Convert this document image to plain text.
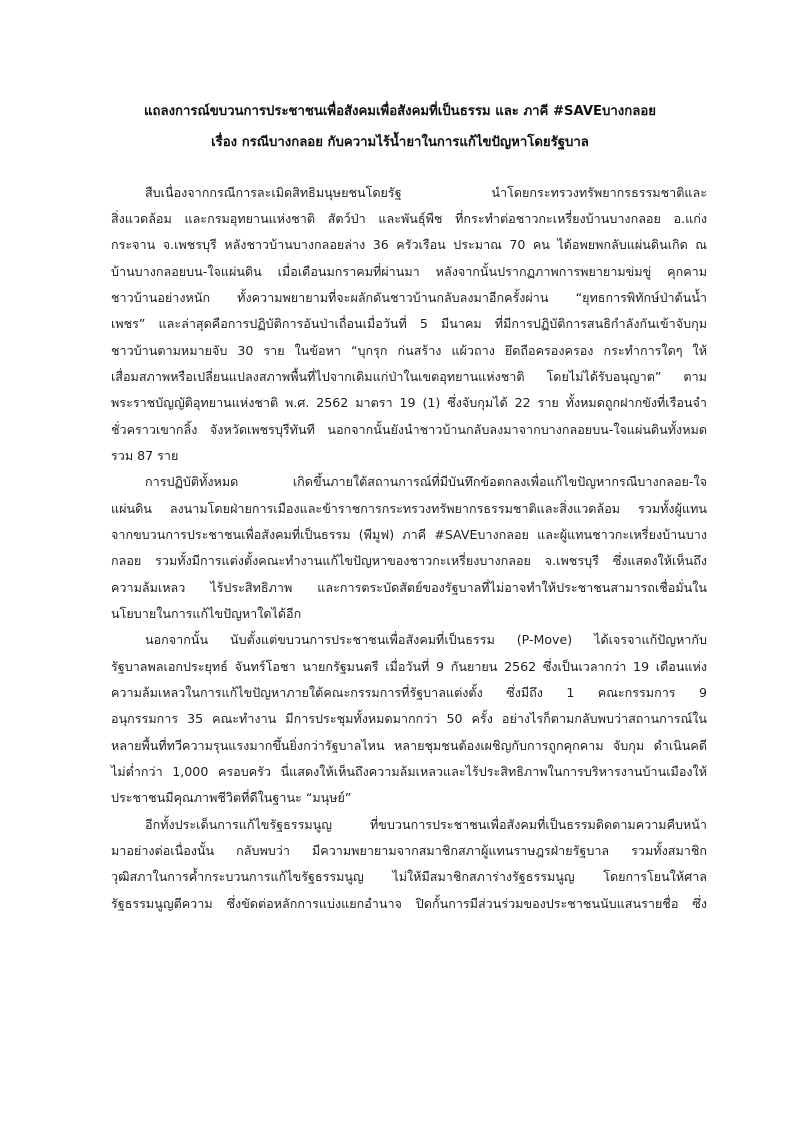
แถลงการณ์ขบวนการประชาชนเพื่อสังคมเพื่อสังคมที่เป็นธรรม และ ภาคี #SAVEบางกลอย
เรื่อง กรณีบางกลอย กับความไร้น้ำยาในการแก้ไขปัญหาโดยรัฐบาล
สืบเนื่องจากกรณีการละเมิดสิทธิมนุษยชนโดยรัฐ นำโดยกระทรวงทรัพยากรธรรมชาติและ
สิ่งแวดล้อม และกรมอุทยานแห่งชาติ สัตว์ป่า และพันธุ์พืช ที่กระทำต่อชาวกะเหรี่ยงบ้านบางกลอย อ.แก่ง
กระจาน จ.เพชรบุรี หลังชาวบ้านบางกลอยล่าง 36 ครัวเรือน ประมาณ 70 คน ได้อพยพกลับแผ่นดินเกิด ณ
บ้านบางกลอยบน-ใจแผ่นดิน เมื่อเดือนมกราคมที่ผ่านมา หลังจากนั้นปรากฏภาพการพยายามข่มขู่ คุกคาม
ชาวบ้านอย่างหนัก ทั้งความพยายามที่จะผลักดันชาวบ้านกลับลงมาอีกครั้งผ่าน “ยุทธการพิทักษ์ป่าต้นน้ำ
เพชร” และล่าสุดคือการปฏิบัติการอันป่าเถื่อนเมื่อวันที่ 5 มีนาคม ที่มีการปฏิบัติการสนธิกำลังกันเข้าจับกุม
ชาวบ้านตามหมายจับ 30 ราย ในข้อหา “บุกรุก ก่นสร้าง แผ้วถาง ยึดถือครองครอง กระทำการใดๆ ให้
เสื่อมสภาพหรือเปลี่ยนแปลงสภาพพื้นที่ไปจากเดิมแก่ป่าในเขตอุทยานแห่งชาติ โดยไม่ได้รับอนุญาต” ตาม
พระราชบัญญัติอุทยานแห่งชาติ พ.ศ. 2562 มาตรา 19 (1) ซึ่งจับกุมได้ 22 ราย ทั้งหมดถูกฝากขังที่เรือนจำ
ชั่วคราวเขากลิ้ง จังหวัดเพชรบุรีทันที นอกจากนั้นยังนำชาวบ้านกลับลงมาจากบางกลอยบน-ใจแผ่นดินทั้งหมด
รวม 87 ราย
การปฏิบัติทั้งหมด เกิดขึ้นภายใต้สถานการณ์ที่มีบันทึกข้อตกลงเพื่อแก้ไขปัญหากรณีบางกลอย-ใจ
แผ่นดิน ลงนามโดยฝ่ายการเมืองและข้าราชการกระทรวงทรัพยากรธรรมชาติและสิ่งแวดล้อม รวมทั้งผู้แทน
จากขบวนการประชาชนเพื่อสังคมที่เป็นธรรม (พีมูฟ) ภาคี #SAVEบางกลอย และผู้แทนชาวกะเหรี่ยงบ้านบาง
กลอย รวมทั้งมีการแต่งตั้งคณะทำงานแก้ไขปัญหาของชาวกะเหรี่ยงบางกลอย จ.เพชรบุรี ซึ่งแสดงให้เห็นถึง
ความล้มเหลว ไร้ประสิทธิภาพ และการตระบัดสัตย์ของรัฐบาลที่ไม่อาจทำให้ประชาชนสามารถเชื่อมั่นใน
นโยบายในการแก้ไขปัญหาใดได้อีก
นอกจากนั้น นับตั้งแต่ขบวนการประชาชนเพื่อสังคมที่เป็นธรรม (P-Move) ได้เจรจาแก้ปัญหากับ
รัฐบาลพลเอกประยุทธ์ จันทร์โอชา นายกรัฐมนตรี เมื่อวันที่ 9 กันยายน 2562 ซึ่งเป็นเวลากว่า 19 เดือนแห่ง
ความล้มเหลวในการแก้ไขปัญหาภายใต้คณะกรรมการที่รัฐบาลแต่งตั้ง ซึ่งมีถึง 1 คณะกรรมการ 9
อนุกรรมการ 35 คณะทำงาน มีการประชุมทั้งหมดมากกว่า 50 ครั้ง อย่างไรก็ตามกลับพบว่าสถานการณ์ใน
หลายพื้นที่ทวีความรุนแรงมากขึ้นยิ่งกว่ารัฐบาลไหน หลายชุมชนต้องเผชิญกับการถูกคุกคาม จับกุม ดำเนินคดี
ไม่ต่ำกว่า 1,000 ครอบครัว นี่แสดงให้เห็นถึงความล้มเหลวและไร้ประสิทธิภาพในการบริหารงานบ้านเมืองให้
ประชาชนมีคุณภาพชีวิตที่ดีในฐานะ “มนุษย์”
อีกทั้งประเด็นการแก้ไขรัฐธรรมนูญ ที่ขบวนการประชาชนเพื่อสังคมที่เป็นธรรมติดตามความคืบหน้า
มาอย่างต่อเนื่องนั้น กลับพบว่า มีความพยายามจากสมาชิกสภาผู้แทนราษฎรฝ่ายรัฐบาล รวมทั้งสมาชิก
วุฒิสภาในการค้ำกระบวนการแก้ไขรัฐธรรมนูญ ไม่ให้มีสมาชิกสภาร่างรัฐธรรมนูญ โดยการโยนให้ศาล
รัฐธรรมนูญตีความ ซึ่งขัดต่อหลักการแบ่งแยกอำนาจ ปิดกั้นการมีส่วนร่วมของประชาชนนับแสนรายชื่อ ซึ่ง
